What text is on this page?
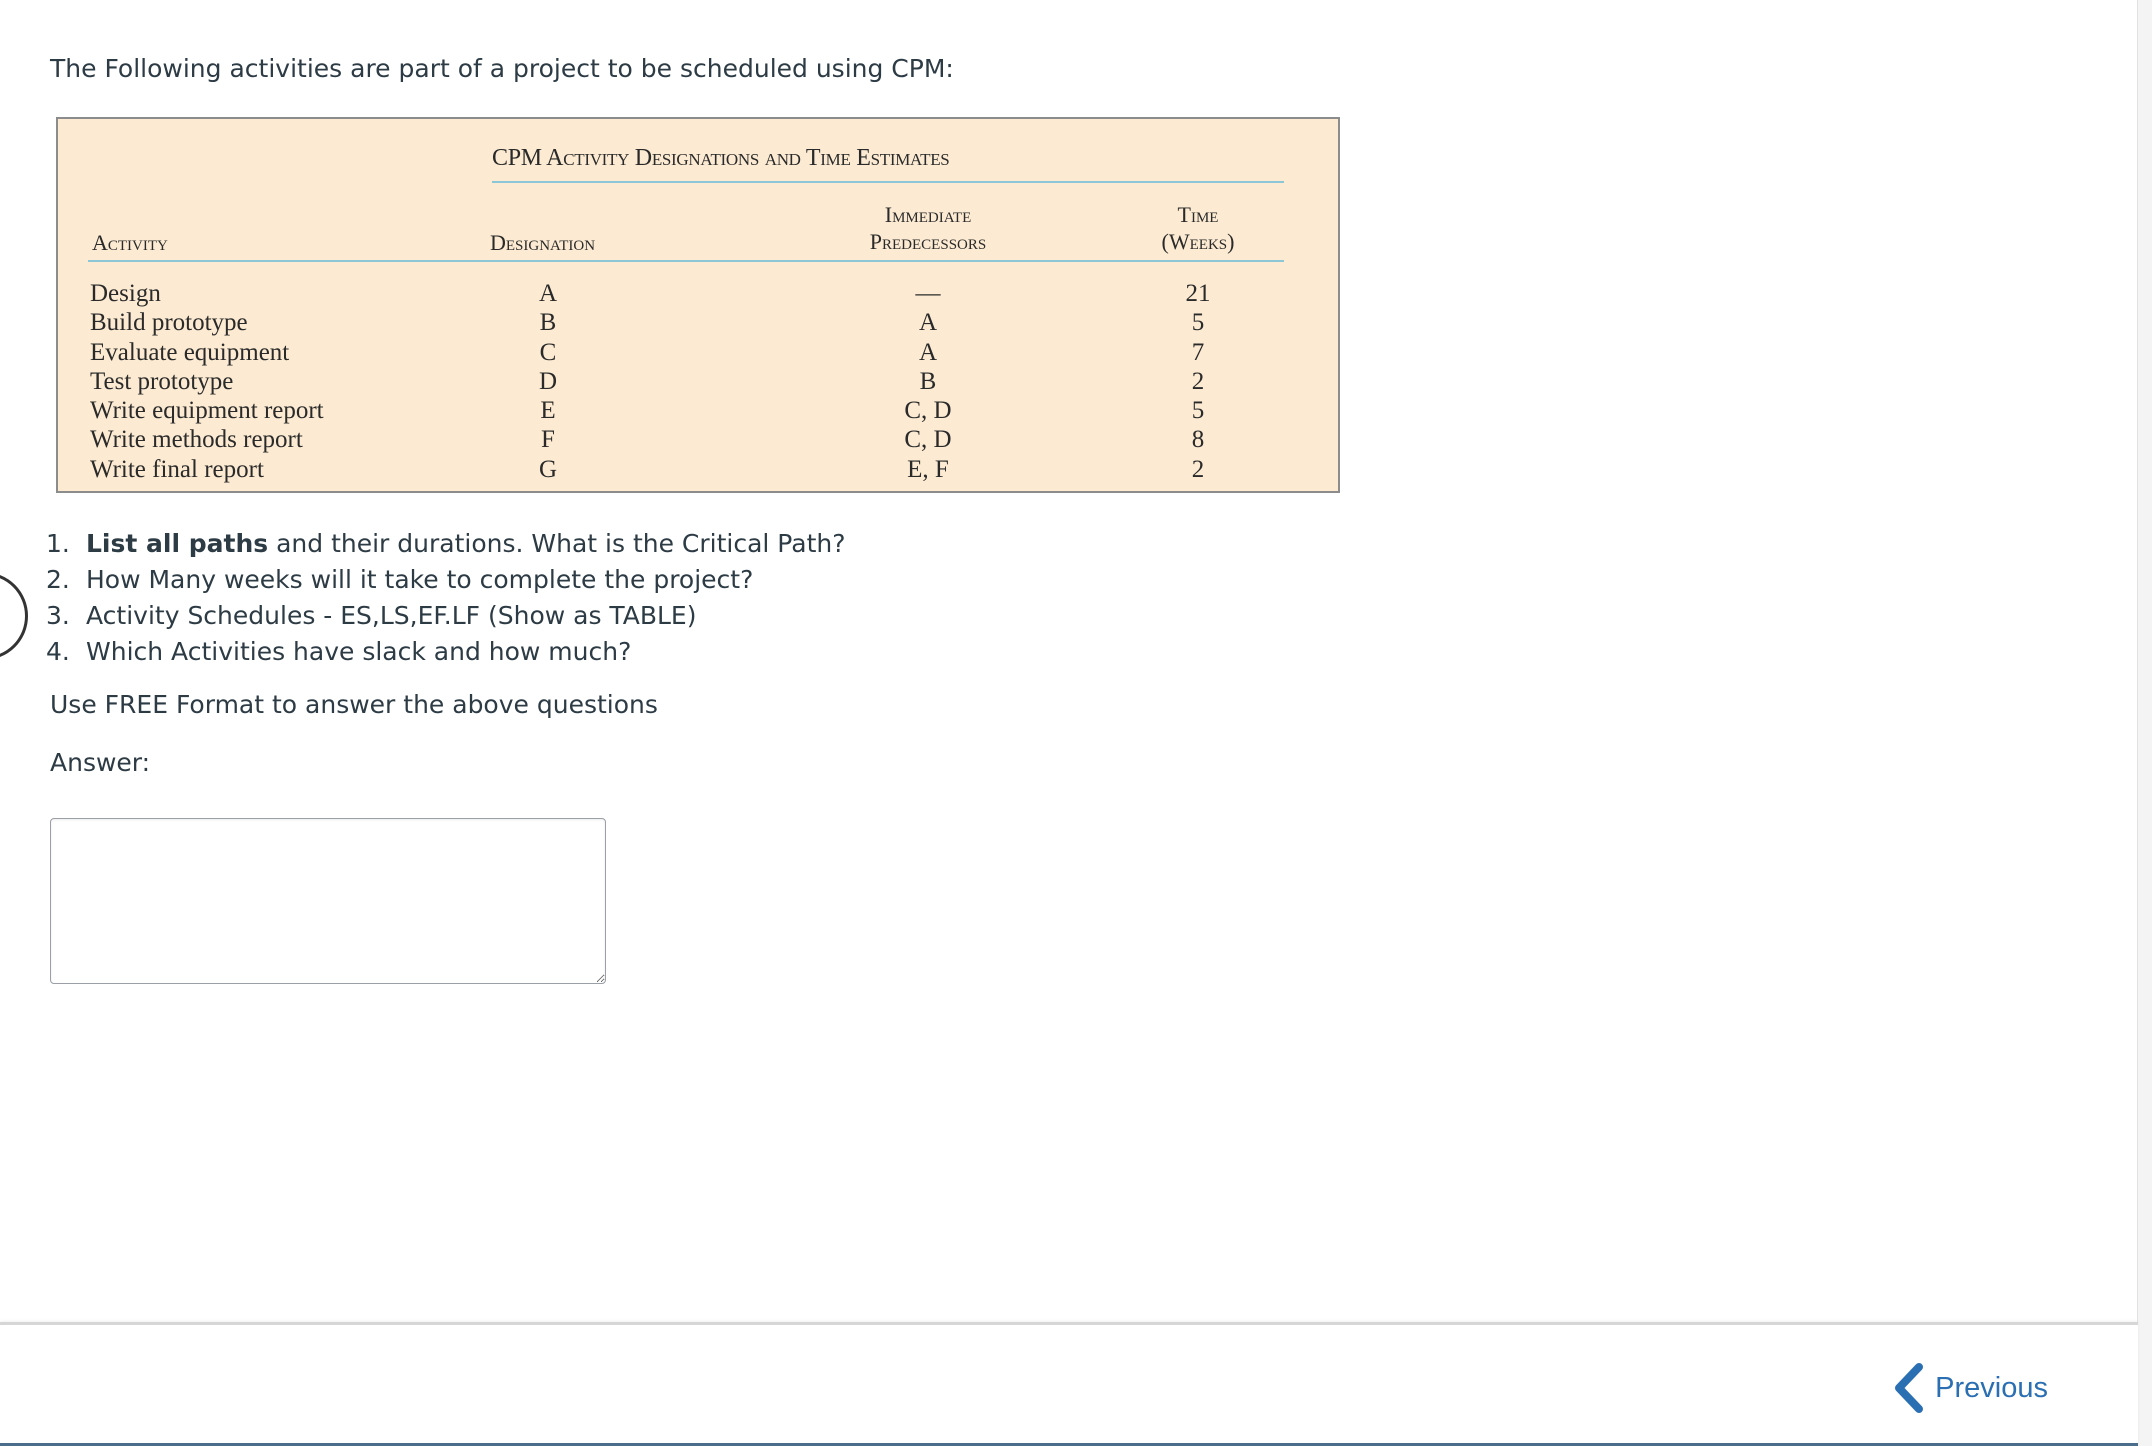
The Following activities are part of a project to be scheduled using CPM:

CPM Activity Designations and Time Estimates
Activity	Designation
Immediate
Predecessors
Time
(Weeks)
Design
Build prototype
Evaluate equipment
Test prototype
Write equipment report
Write methods report
Write final report
A
B
C
D
E
F
G
—
A
A
B
C, D
C, D
E, F
21
5
7
2
5
8
2
1. List all paths and their durations. What is the Critical Path?
2. How Many weeks will it take to complete the project?
3. Activity Schedules - ES,LS,EF.LF (Show as TABLE)
4. Which Activities have slack and how much?

Use FREE Format to answer the above questions

Answer:

Previous
